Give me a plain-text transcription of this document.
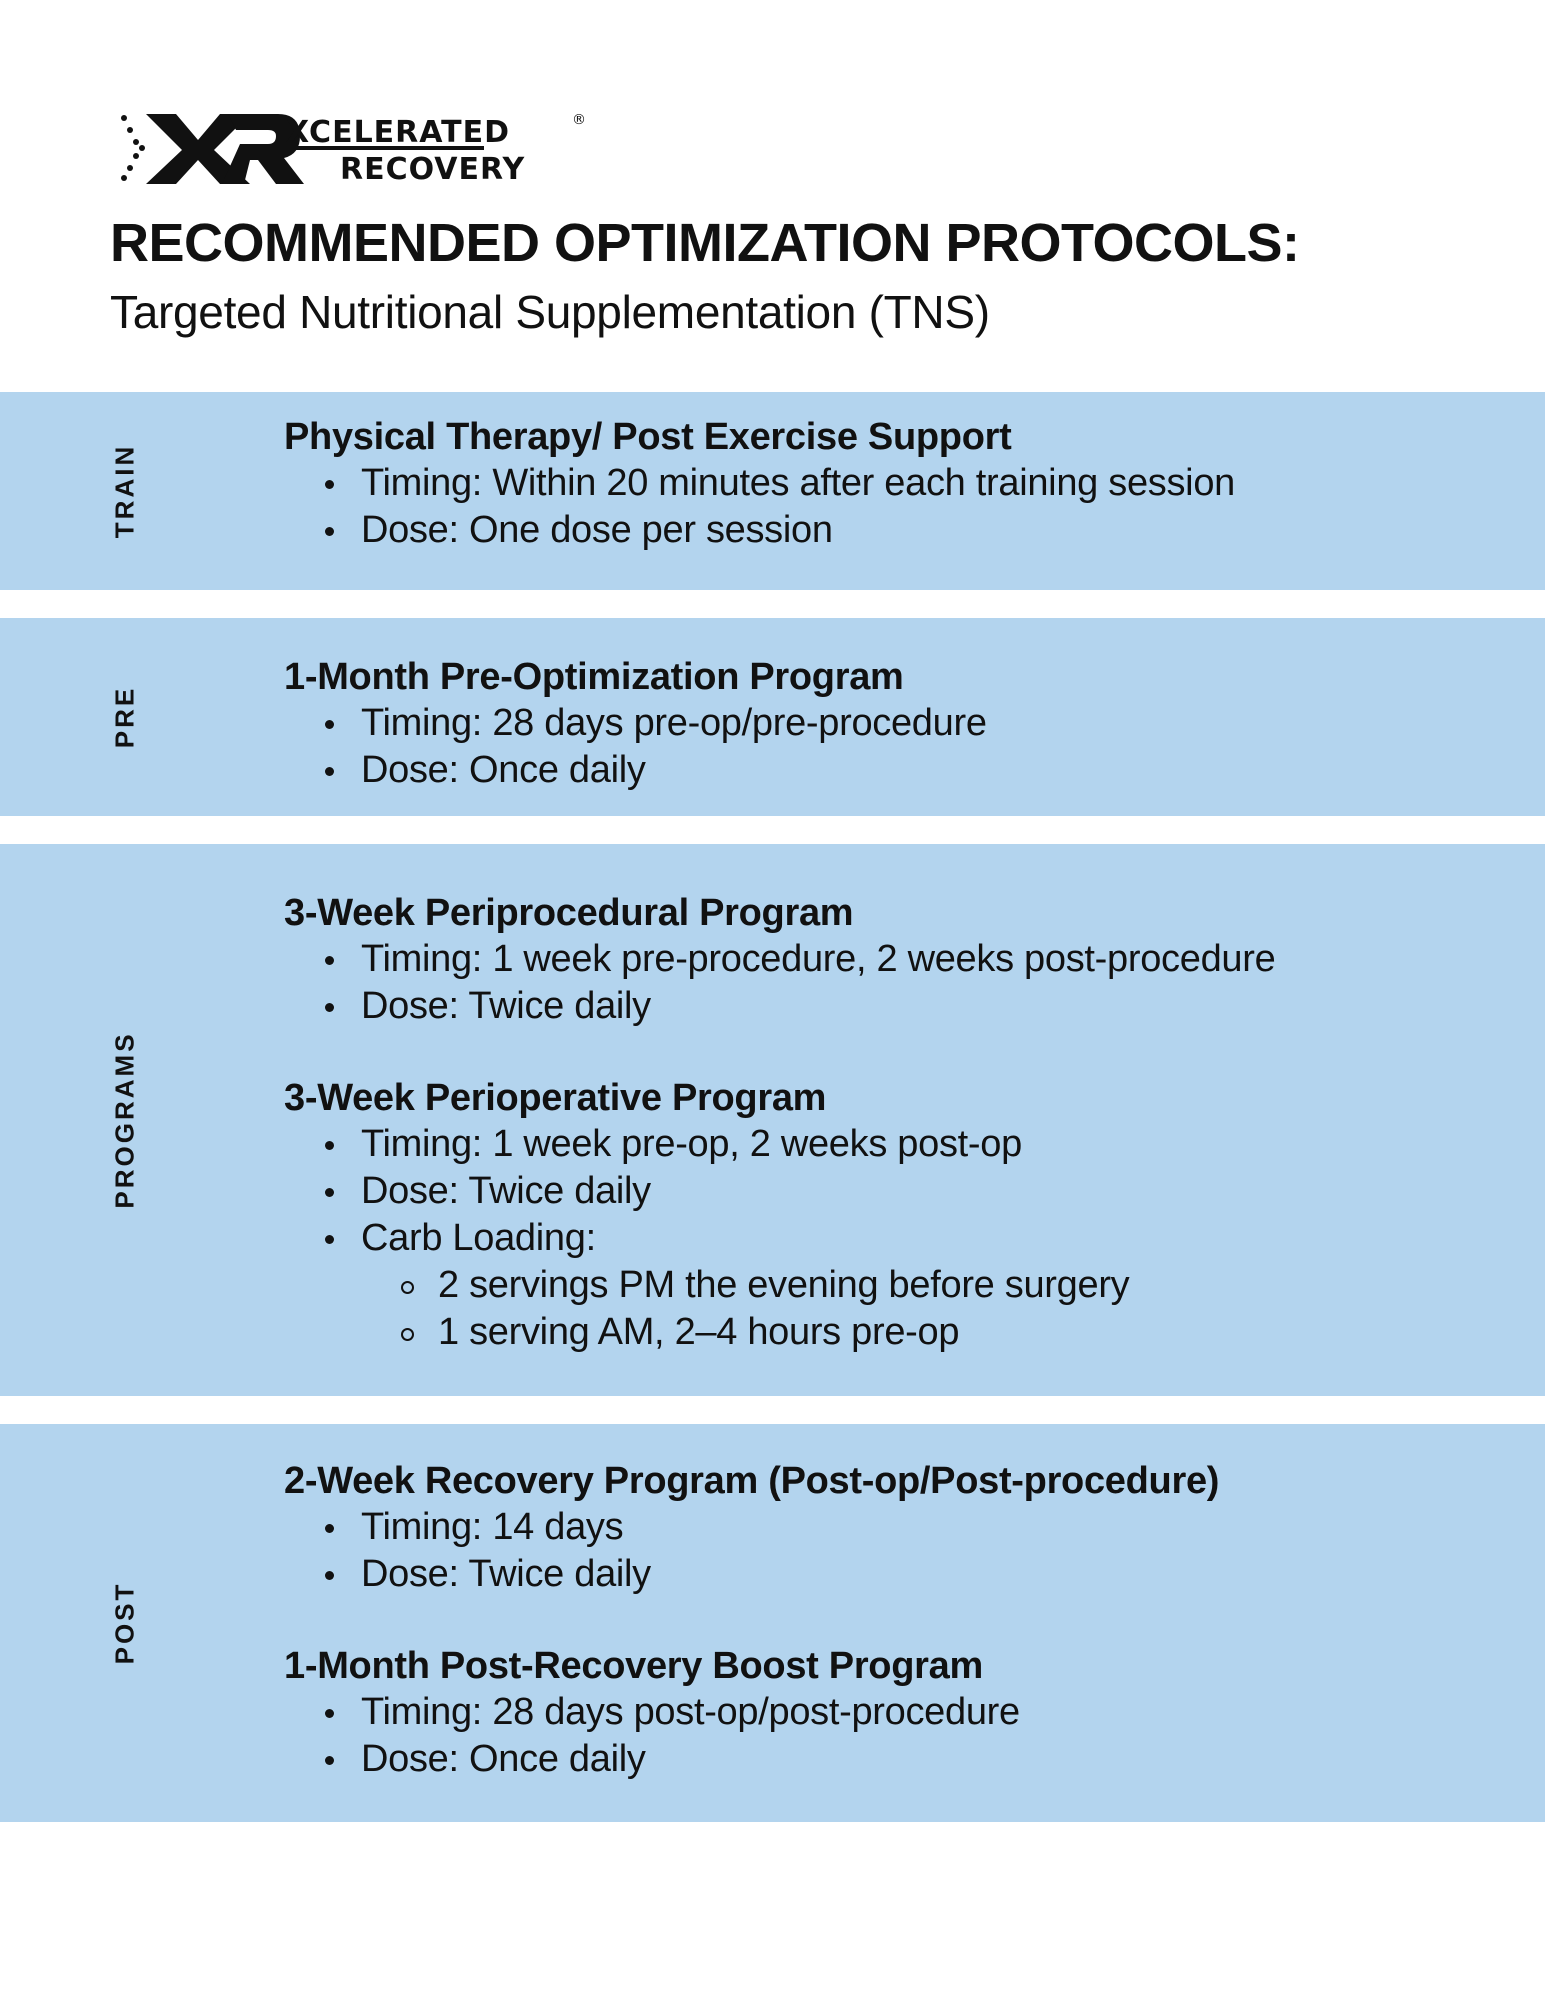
XCELERATED
RECOVERY
®
RECOMMENDED OPTIMIZATION PROTOCOLS:
Targeted Nutritional Supplementation (TNS)
TRAIN
Physical Therapy/ Post Exercise Support
Timing: Within 20 minutes after each training session
Dose: One dose per session
PRE
1-Month Pre-Optimization Program
Timing: 28 days pre-op/pre-procedure
Dose: Once daily
PROGRAMS
3-Week Periprocedural Program
Timing: 1 week pre-procedure, 2 weeks post-procedure
Dose: Twice daily
3-Week Perioperative Program
Timing: 1 week pre-op, 2 weeks post-op
Dose: Twice daily
Carb Loading:
2 servings PM the evening before surgery
1 serving AM, 2–4 hours pre-op
POST
2-Week Recovery Program (Post-op/Post-procedure)
Timing: 14 days
Dose: Twice daily
1-Month Post-Recovery Boost Program
Timing: 28 days post-op/post-procedure
Dose: Once daily
